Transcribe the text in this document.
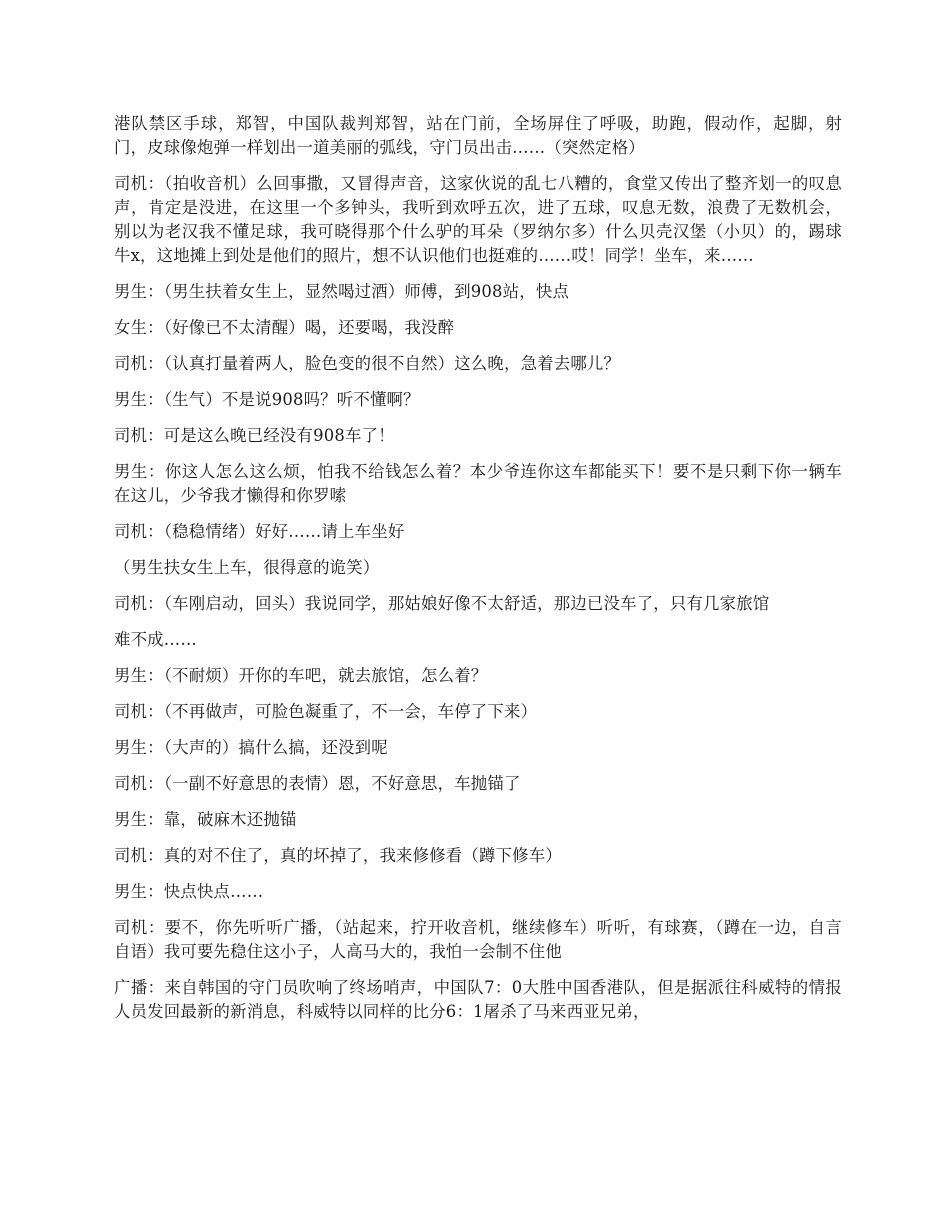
港队禁区手球，郑智，中国队裁判郑智，站在门前，全场屏住了呼吸，助跑，假动作，起脚，射门，皮球像炮弹一样划出一道美丽的弧线，守门员出击……（突然定格）

司机：（拍收音机）么回事撒，又冒得声音，这家伙说的乱七八糟的，食堂又传出了整齐划一的叹息声，肯定是没进，在这里一个多钟头，我听到欢呼五次，进了五球，叹息无数，浪费了无数机会，别以为老汉我不懂足球，我可晓得那个什么驴的耳朵（罗纳尔多）什么贝壳汉堡（小贝）的，踢球牛x，这地摊上到处是他们的照片，想不认识他们也挺难的……哎！同学！坐车，来……

男生：（男生扶着女生上，显然喝过酒）师傅，到908站，快点

女生：（好像已不太清醒）喝，还要喝，我没醉

司机：（认真打量着两人，脸色变的很不自然）这么晚，急着去哪儿？

男生：（生气）不是说908吗？听不懂啊？

司机：可是这么晚已经没有908车了！

男生：你这人怎么这么烦，怕我不给钱怎么着？本少爷连你这车都能买下！要不是只剩下你一辆车在这儿，少爷我才懒得和你罗嗦

司机：（稳稳情绪）好好……请上车坐好

（男生扶女生上车，很得意的诡笑）

司机：（车刚启动，回头）我说同学，那姑娘好像不太舒适，那边已没车了，只有几家旅馆

难不成……

男生：（不耐烦）开你的车吧，就去旅馆，怎么着？

司机：（不再做声，可脸色凝重了，不一会，车停了下来）

男生：（大声的）搞什么搞，还没到呢

司机：（一副不好意思的表情）恩，不好意思，车抛锚了

男生：靠，破麻木还抛锚

司机：真的对不住了，真的坏掉了，我来修修看（蹲下修车）

男生：快点快点……

司机：要不，你先听听广播，（站起来，拧开收音机，继续修车）听听，有球赛，（蹲在一边，自言自语）我可要先稳住这小子，人高马大的，我怕一会制不住他

广播：来自韩国的守门员吹响了终场哨声，中国队7：0大胜中国香港队，但是据派往科威特的情报人员发回最新的新消息，科威特以同样的比分6：1屠杀了马来西亚兄弟，
